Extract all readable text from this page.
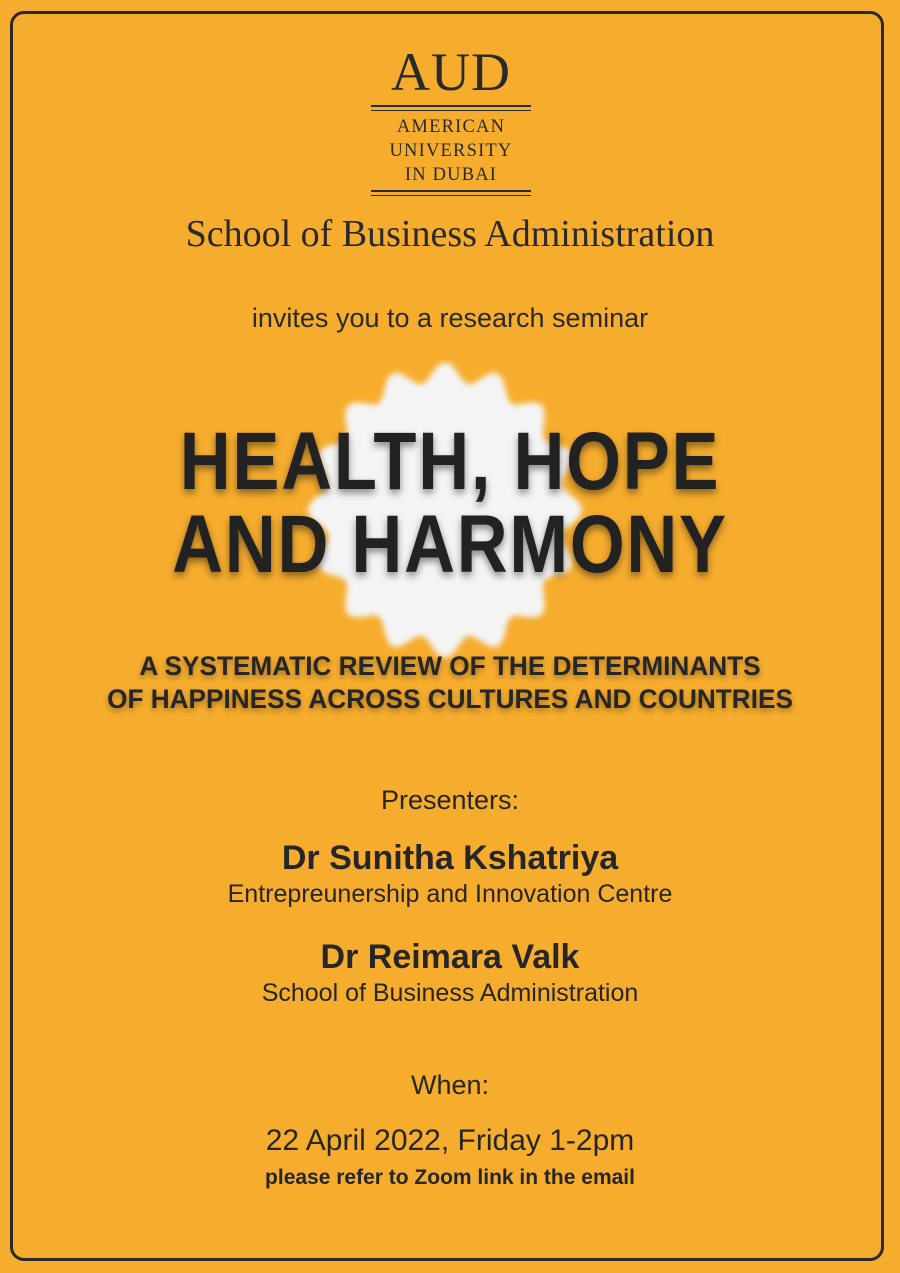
AUD
AMERICAN
UNIVERSITY
IN DUBAI
School of Business Administration
invites you to a research seminar
HEALTH, HOPE
AND HARMONY
A SYSTEMATIC REVIEW OF THE DETERMINANTS
OF HAPPINESS ACROSS CULTURES AND COUNTRIES
Presenters:
Dr Sunitha Kshatriya
Entrepreunership and Innovation Centre
Dr Reimara Valk
School of Business Administration
When:
22 April 2022, Friday 1-2pm
please refer to Zoom link in the email
